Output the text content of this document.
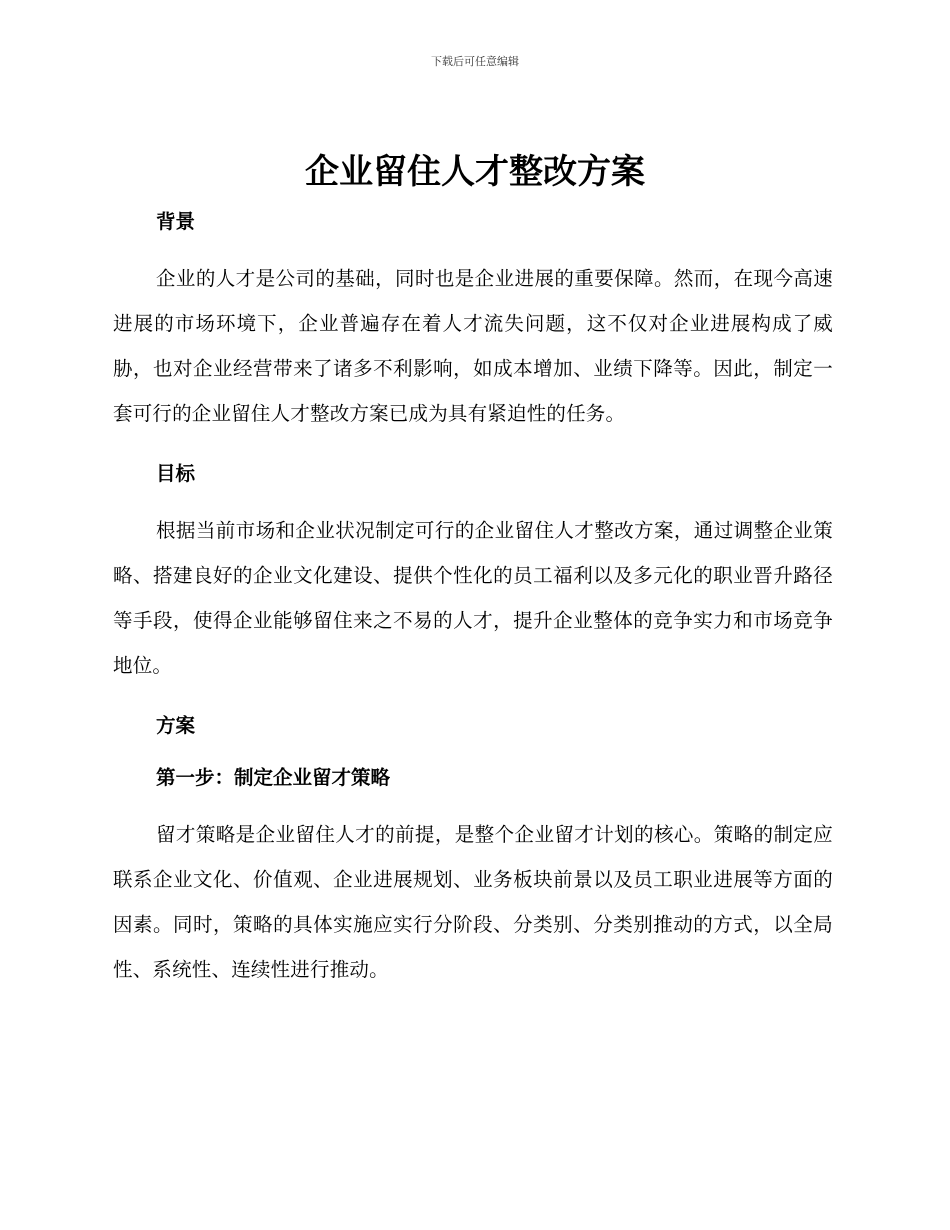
下载后可任意编辑
企业留住人才整改方案
背景

企业的人才是公司的基础，同时也是企业进展的重要保障。然而，在现今高速进展的市场环境下，企业普遍存在着人才流失问题，这不仅对企业进展构成了威胁，也对企业经营带来了诸多不利影响，如成本增加、业绩下降等。因此，制定一套可行的企业留住人才整改方案已成为具有紧迫性的任务。

目标

根据当前市场和企业状况制定可行的企业留住人才整改方案，通过调整企业策略、搭建良好的企业文化建设、提供个性化的员工福利以及多元化的职业晋升路径等手段，使得企业能够留住来之不易的人才，提升企业整体的竞争实力和市场竞争地位。

方案
第一步：制定企业留才策略

留才策略是企业留住人才的前提，是整个企业留才计划的核心。策略的制定应联系企业文化、价值观、企业进展规划、业务板块前景以及员工职业进展等方面的因素。同时，策略的具体实施应实行分阶段、分类别、分类别推动的方式，以全局性、系统性、连续性进行推动。
